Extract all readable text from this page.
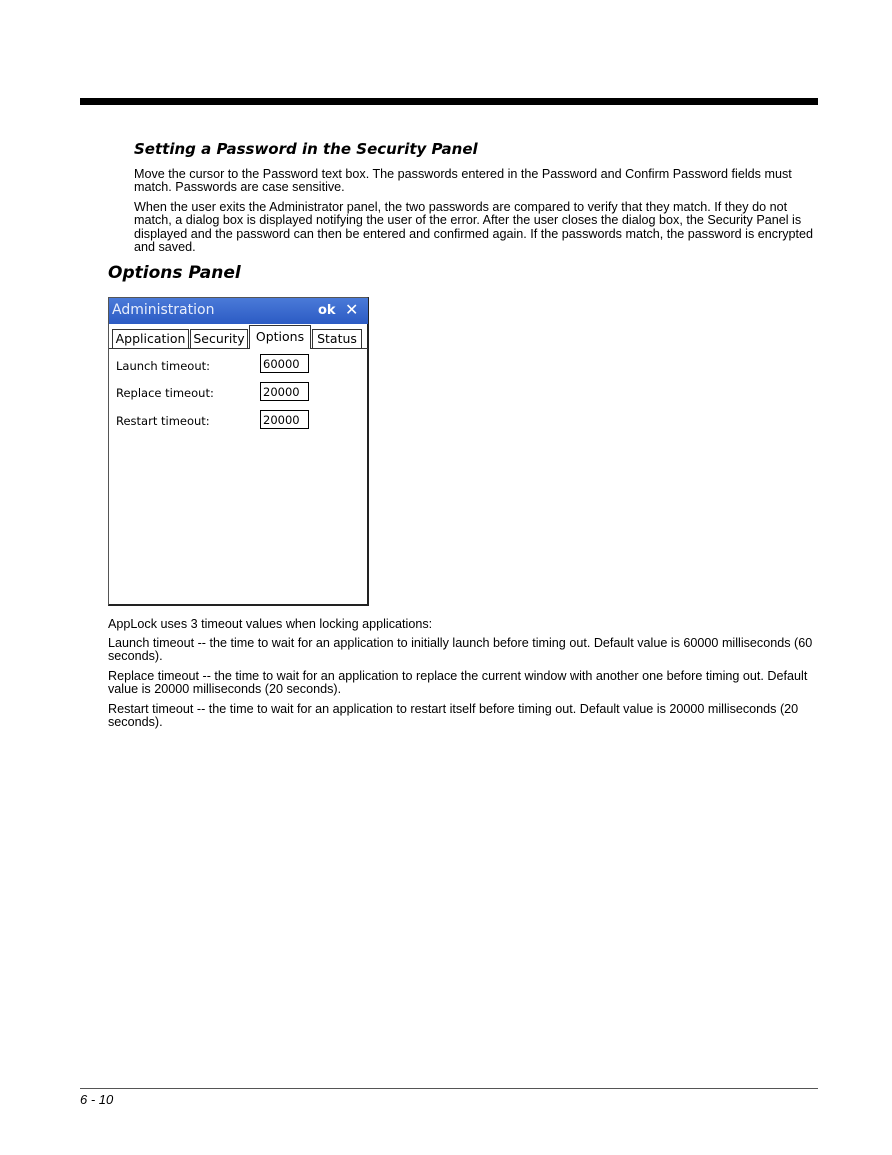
Setting a Password in the Security Panel

Move the cursor to the Password text box. The passwords entered in the Password and Confirm Password fields must match. Passwords are case sensitive.

When the user exits the Administrator panel, the two passwords are compared to verify that they match. If they do not match, a dialog box is displayed notifying the user of the error. After the user closes the dialog box, the Security Panel is displayed and the password can then be entered and confirmed again. If the passwords match, the password is encrypted and saved.

Options Panel
Administration	ok ✕
Application Security Options	Status
Launch timeout:	60000
Replace timeout:	20000
Restart timeout:	20000

AppLock uses 3 timeout values when locking applications:

Launch timeout -- the time to wait for an application to initially launch before timing out. Default value is 60000 milliseconds (60 seconds).

Replace timeout -- the time to wait for an application to replace the current window with another one before timing out. Default value is 20000 milliseconds (20 seconds).

Restart timeout -- the time to wait for an application to restart itself before timing out. Default value is 20000 milliseconds (20 seconds).

6 - 10
